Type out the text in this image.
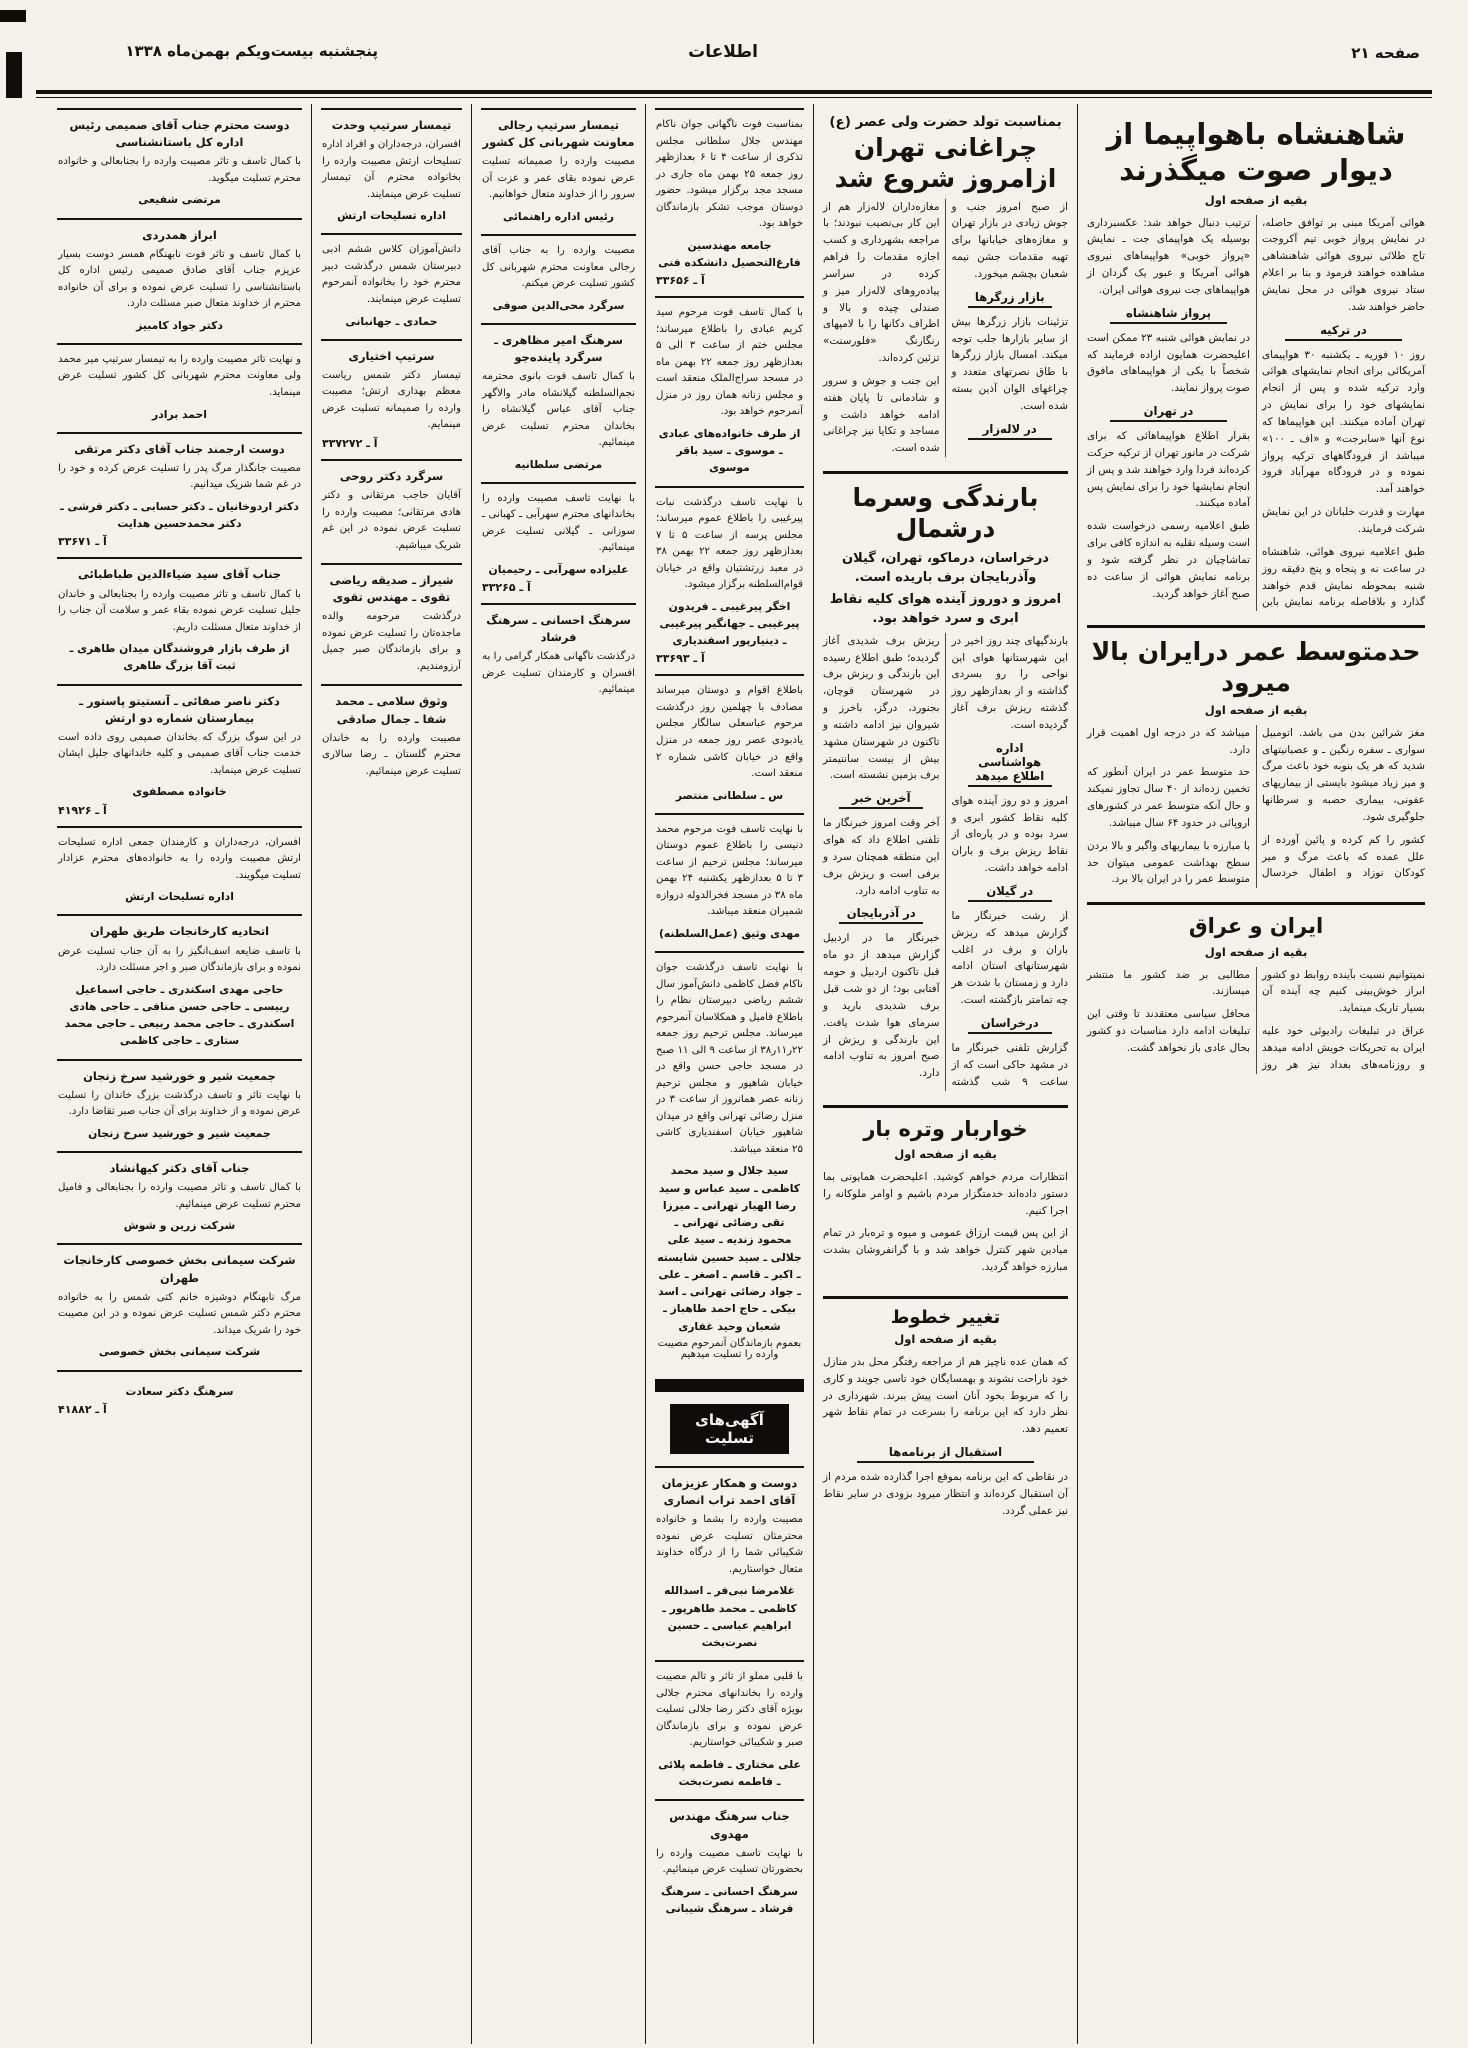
صفحه ۲۱
اطلاعات
پنجشنبه بیست‌ویکم بهمن‌ماه ۱۳۳۸
شاهنشاه باهواپیما از دیوار صوت میگذرند
بقیه از صفحه اول
هوائی آمریکا مبنی بر توافق حاصله، در نمایش پرواز خوبی تیم آکروجت تاج طلائی نیروی هوائی شاهنشاهی مشاهده خواهند فرمود و بنا بر اعلام ستاد نیروی هوائی در محل نمایش حاضر خواهند شد.
در ترکیه
روز ۱۰ فوریه ـ یکشنبه ۳۰ هواپیمای آمریکائی برای انجام نمایشهای هوائی وارد ترکیه شده و پس از انجام نمایشهای خود را برای نمایش در تهران آماده میکنند. این هواپیماها که نوع آنها «سابرجت» و «اف ـ ۱۰۰» میباشد از فرودگاههای ترکیه پرواز نموده و در فرودگاه مهرآباد فرود خواهند آمد.
مهارت و قدرت خلبانان در این نمایش شرکت فرمایند.
طبق اعلامیه نیروی هوائی، شاهنشاه در ساعت نه و پنجاه و پنج دقیقه روز شنبه بمحوطه نمایش قدم خواهند گذارد و بلافاصله برنامه نمایش باین ترتیب دنبال خواهد شد: عکسبرداری بوسیله یک هواپیمای جت ـ نمایش «پرواز خوبی» هواپیماهای نیروی هوائی آمریکا و عبور یک گردان از هواپیماهای جت نیروی هوائی ایران.
پرواز شاهنشاه
در نمایش هوائی شنبه ۲۳ ممکن است اعلیحضرت همایون اراده فرمایند که شخصاً با یکی از هواپیماهای مافوق صوت پرواز نمایند.
در تهران
بقرار اطلاع هواپیماهائی که برای شرکت در مانور تهران از ترکیه حرکت کرده‌اند فردا وارد خواهند شد و پس از انجام نمایشها خود را برای نمایش پس آماده میکنند.
طبق اعلامیه رسمی درخواست شده است وسیله نقلیه به اندازه کافی برای تماشاچیان در نظر گرفته شود و برنامه نمایش هوائی از ساعت ده صبح آغاز خواهد گردید.
حدمتوسط عمر درایران بالا میرود
بقیه از صفحه اول
مغز شرائین بدن می باشد. اتومبیل سواری ـ سفره رنگین ـ و عصبانیتهای شدید که هر یک بنوبه خود باعث مرگ و میر زیاد میشود بایستی از بیماریهای عفونی، بیماری حصبه و سرطانها جلوگیری شود.
کشور را کم کرده و پائین آورده از علل عمده که باعث مرگ و میر کودکان نوزاد و اطفال خردسال میباشد که در درجه اول اهمیت قرار دارد.
حد متوسط عمر در ایران آنطور که تخمین زده‌اند از ۴۰ سال تجاوز نمیکند و حال آنکه متوسط عمر در کشورهای اروپائی در حدود ۶۴ سال میباشد.
با مبارزه با بیماریهای واگیر و بالا بردن سطح بهداشت عمومی میتوان حد متوسط عمر را در ایران بالا برد.
ایران و عراق
بقیه از صفحه اول
نمیتوانیم نسبت بآینده روابط دو کشور ابراز خوش‌بینی کنیم چه آینده آن بسیار تاریک مینماید.
عراق در تبلیغات رادیوئی خود علیه ایران به تحریکات خویش ادامه میدهد و روزنامه‌های بغداد نیز هر روز مطالبی بر ضد کشور ما منتشر میسازند.
محافل سیاسی معتقدند تا وقتی این تبلیغات ادامه دارد مناسبات دو کشور بحال عادی باز نخواهد گشت.
بمناسبت تولد حضرت ولی عصر (ع)
چراغانی تهران ازامروز شروع شد
از صبح امروز جنب و جوش زیادی در بازار تهران و مغازه‌های خیابانها برای تهیه مقدمات جشن نیمه شعبان بچشم میخورد.
بازار زرگرها
تزئینات بازار زرگرها بیش از سایر بازارها جلب توجه میکند. امسال بازار زرگرها با طاق نصرتهای متعدد و چراغهای الوان آذین بسته شده است.
در لاله‌زار
مغازه‌داران لاله‌زار هم از این کار بی‌نصیب نبودند؛ با مراجعه بشهرداری و کسب اجازه مقدمات را فراهم کرده در سراسر پیاده‌روهای لاله‌زار میز و صندلی چیده و بالا و اطراف دکانها را با لامپهای رنگارنگ «فلورسنت» تزئین کرده‌اند.
این جنب و جوش و سرور و شادمانی تا پایان هفته ادامه خواهد داشت و مساجد و تکایا نیز چراغانی شده است.
بارندگی وسرما درشمال
درخراسان، درماکو، تهران، گیلان وآذربایجان برف باریده است.
امروز و دوروز آینده هوای کلیه نقاط ابری و سرد خواهد بود.
بارندگیهای چند روز اخیر در این شهرستانها هوای این نواحی را رو بسردی گذاشته و از بعدازظهر روز گذشته ریزش برف آغاز گردیده است.
اداره هواشناسی اطلاع میدهد
امروز و دو روز آینده هوای کلیه نقاط کشور ابری و سرد بوده و در پاره‌ای از نقاط ریزش برف و باران ادامه خواهد داشت.
در گیلان
از رشت خبرنگار ما گزارش میدهد که ریزش باران و برف در اغلب شهرستانهای استان ادامه دارد و زمستان با شدت هر چه تمامتر بازگشته است.
درخراسان
گزارش تلفنی خبرنگار ما در مشهد حاکی است که از ساعت ۹ شب گذشته ریزش برف شدیدی آغاز گردیده؛ طبق اطلاع رسیده این بارندگی و ریزش برف در شهرستان قوچان، بجنورد، درگز، باخرز و شیروان نیز ادامه داشته و تاکنون در شهرستان مشهد بیش از بیست سانتیمتر برف بزمین نشسته است.
آخرین خبر
آخر وقت امروز خبرنگار ما تلفنی اطلاع داد که هوای این منطقه همچنان سرد و برفی است و ریزش برف به تناوب ادامه دارد.
در آذربایجان
خبرنگار ما در اردبیل گزارش میدهد از دو ماه قبل تاکنون اردبیل و حومه آفتابی بود؛ از دو شب قبل برف شدیدی بارید و سرمای هوا شدت یافت. این بارندگی و ریزش از صبح امروز به تناوب ادامه دارد.
خواربار وتره بار
بقیه از صفحه اول
انتظارات مردم خواهم کوشید. اعلیحضرت همایونی بما دستور داده‌اند خدمتگزار مردم باشیم و اوامر ملوکانه را اجرا کنیم.
از این پس قیمت ارزاق عمومی و میوه و تره‌بار در تمام میادین شهر کنترل خواهد شد و با گرانفروشان بشدت مبارزه خواهد گردید.
تغییر خطوط
بقیه از صفحه اول
که همان عده ناچیز هم از مراجعه رفتگر محل بدر منازل خود ناراحت نشوند و بهمسایگان خود تاسی جویند و کاری را که مربوط بخود آنان است پیش ببرند. شهرداری در نظر دارد که این برنامه را بسرعت در تمام نقاط شهر تعمیم دهد.
استقبال از برنامه‌ها
در نقاطی که این برنامه بموقع اجرا گذارده شده مردم از آن استقبال کرده‌اند و انتظار میرود بزودی در سایر نقاط نیز عملی گردد.
بمناسبت فوت ناگهانی جوان ناکام مهندس جلال سلطانی مجلس تذکری از ساعت ۴ تا ۶ بعدازظهر روز جمعه ۲۵ بهمن ماه جاری در مسجد مجد برگزار میشود. حضور دوستان موجب تشکر بازماندگان خواهد بود.
جامعه مهندسین فارغ‌التحصیل دانشکده فنی
آ ـ ۳۳۶۵۶
با کمال تاسف فوت مرحوم سید کریم عبادی را باطلاع میرساند؛ مجلس ختم از ساعت ۳ الی ۵ بعدازظهر روز جمعه ۲۲ بهمن ماه در مسجد سراج‌الملک منعقد است و مجلس زنانه همان روز در منزل آنمرحوم خواهد بود.
از طرف خانواده‌های عبادی ـ موسوی ـ سید باقر موسوی
با نهایت تاسف درگذشت نبات پیرغیبی را باطلاع عموم میرساند؛ مجلس پرسه از ساعت ۵ تا ۷ بعدازظهر روز جمعه ۲۲ بهمن ۳۸ در معبد زرتشتیان واقع در خیابان قوام‌السلطنه برگزار میشود.
اخگر پیرغیبی ـ فریدون پیرغیبی ـ جهانگیر پیرغیبی ـ دینیارپور اسفندیاری
آ ـ ۳۳۶۹۳
باطلاع اقوام و دوستان میرساند مصادف با چهلمین روز درگذشت مرحوم عباسعلی سالگار مجلس یادبودی عصر روز جمعه در منزل واقع در خیابان کاشی شماره ۲ منعقد است.
س ـ سلطانی منتصر
با نهایت تاسف فوت مرحوم محمد دنیسی را باطلاع عموم دوستان میرساند؛ مجلس ترحیم از ساعت ۳ تا ۵ بعدازظهر یکشنبه ۲۴ بهمن ماه ۳۸ در مسجد فخرالدوله دروازه شمیران منعقد میباشد.
مهدی وثیق (عمل‌السلطنه)
با نهایت تاسف درگذشت جوان ناکام فضل کاظمی دانش‌آموز سال ششم ریاضی دبیرستان نظام را باطلاع فامیل و همکلاسان آنمرحوم میرساند. مجلس ترحیم روز جمعه ۲۲ر۱۱ر۳۸ از ساعت ۹ الی ۱۱ صبح در مسجد حاجی حسن واقع در خیابان شاهپور و مجلس ترحیم زنانه عصر همانروز از ساعت ۳ در منزل رضائی تهرانی واقع در میدان شاهپور خیابان اسفندیاری کاشی ۲۵ منعقد میباشد.
سید جلال و سید محمد کاظمی ـ سید عباس و سید رضا الهیار تهرانی ـ میرزا تقی رضائی تهرانی ـ محمود زندیه ـ سید علی جلالی ـ سید حسین شایسته ـ اکبر ـ قاسم ـ اصغر ـ علی ـ جواد رضائی تهرانی ـ اسد بیکی ـ حاج احمد طاهباز ـ شعبان وحید غفاری
بعموم بازماندگان آنمرحوم مصیبت وارده را تسلیت میدهیم
آگهی‌های تسلیت
دوست و همکار عزیزمان آقای احمد تراب انصاری
مصیبت وارده را بشما و خانواده محترمتان تسلیت عرض نموده شکیبائی شما را از درگاه خداوند متعال خواستاریم.
غلامرضا نبی‌فر ـ اسدالله کاظمی ـ محمد طاهرپور ـ ابراهیم عباسی ـ حسین نصرت‌بخت
با قلبی مملو از تاثر و تالم مصیبت وارده را بخاندانهای محترم جلالی بویژه آقای دکتر رضا جلالی تسلیت عرض نموده و برای بازماندگان صبر و شکیبائی خواستاریم.
علی مختاری ـ فاطمه پلائی ـ فاطمه نصرت‌بخت
جناب سرهنگ مهندس مهدوی
با نهایت تاسف مصیبت وارده را بحضورتان تسلیت عرض مینمائیم.
سرهنگ احسانی ـ سرهنگ فرشاد ـ سرهنگ شیبانی
تیمسار سرتیپ رجالی معاونت شهربانی کل کشور
مصیبت وارده را صمیمانه تسلیت عرض نموده بقای عمر و عزت آن سرور را از خداوند متعال خواهانیم.
رئیس اداره راهنمائی
مصیبت وارده را به جناب آقای رجالی معاونت محترم شهربانی کل کشور تسلیت عرض میکنم.
سرگرد محی‌الدین صوفی
سرهنگ امیر مظاهری ـ سرگرد پاینده‌جو
با کمال تاسف فوت بانوی محترمه نجم‌السلطنه گیلانشاه مادر والاگهر جناب آقای عباس گیلانشاه را بخاندان محترم تسلیت عرض مینمائیم.
مرتضی سلطانیه
با نهایت تاسف مصیبت وارده را بخاندانهای محترم سهرآبی ـ کهبانی ـ سوزانی ـ گیلانی تسلیت عرض مینمائیم.
علیزاده سهرآبی ـ رحیمیان
آ ـ ۳۳۲۶۵
سرهنگ احسانی ـ سرهنگ فرشاد
درگذشت ناگهانی همکار گرامی را به افسران و کارمندان تسلیت عرض مینمائیم.
تیمسار سرتیپ وحدت
افسران، درجه‌داران و افراد اداره تسلیحات ارتش مصیبت وارده را بخانواده محترم آن تیمسار تسلیت عرض مینمایند.
اداره تسلیحات ارتش
دانش‌آموزان کلاس ششم ادبی دبیرستان شمس درگذشت دبیر محترم خود را بخانواده آنمرحوم تسلیت عرض مینمایند.
حمادی ـ جهانبانی
سرتیپ اختیاری
تیمسار دکتر شمس ریاست معظم بهداری ارتش؛ مصیبت وارده را صمیمانه تسلیت عرض مینمایم.
آ ـ ۳۳۷۲۷۲
سرگرد دکتر روحی
آقایان حاجب مرتقانی و دکتر هادی مرتقانی؛ مصیبت وارده را تسلیت عرض نموده در این غم شریک میباشیم.
شیراز ـ صدیقه ریاضی تقوی ـ مهندس تقوی
درگذشت مرحومه والده ماجده‌تان را تسلیت عرض نموده و برای بازماندگان صبر جمیل آرزومندیم.
وثوق سلامی ـ محمد شفا ـ جمال صادقی
مصیبت وارده را به خاندان محترم گلستان ـ رضا سالاری تسلیت عرض مینمائیم.
دوست محترم جناب آقای صمیمی رئیس اداره کل باستانشناسی
با کمال تاسف و تاثر مصیبت وارده را بجنابعالی و خانواده محترم تسلیت میگوید.
مرتضی شفیعی
ابراز همدردی
با کمال تاسف و تاثر فوت نابهنگام همسر دوست بسیار عزیزم جناب آقای صادق صمیمی رئیس اداره کل باستانشناسی را تسلیت عرض نموده و برای آن خانواده محترم از خداوند متعال صبر مسئلت دارد.
دکتر جواد کامبیز
و نهایت تاثر مصیبت وارده را به تیمسار سرتیپ میر محمد ولی معاونت محترم شهربانی کل کشور تسلیت عرض مینماید.
احمد برادر
دوست ارجمند جناب آقای دکتر مرتقی
مصیبت جانگذار مرگ پدر را تسلیت عرض کرده و خود را در غم شما شریک میدانیم.
دکتر اردوخانیان ـ دکتر حسابی ـ دکتر فرشی ـ دکتر محمدحسین هدایت
آ ـ ۳۳۶۷۱
جناب آقای سید ضیاءالدین طباطبائی
با کمال تاسف و تاثر مصیبت وارده را بجنابعالی و خاندان جلیل تسلیت عرض نموده بقاء عمر و سلامت آن جناب را از خداوند متعال مسئلت داریم.
از طرف بازار فروشندگان میدان طاهری ـ ثبت آقا بزرگ طاهری
دکتر ناصر صفائی ـ آنستیتو پاستور ـ بیمارستان شماره دو ارتش
در این سوگ بزرگ که بخاندان صمیمی روی داده است خدمت جناب آقای صمیمی و کلیه خاندانهای جلیل ایشان تسلیت عرض مینماید.
خانواده مصطفوی
آ ـ ۴۱۹۲۶
افسران، درجه‌داران و کارمندان جمعی اداره تسلیحات ارتش مصیبت وارده را به خانواده‌های محترم عزادار تسلیت میگویند.
اداره تسلیحات ارتش
اتحادیه کارخانجات طریق طهران
با تاسف ضایعه اسف‌انگیز را به آن جناب تسلیت عرض نموده و برای بازماندگان صبر و اجر مسئلت دارد.
حاجی مهدی اسکندری ـ حاجی اسماعیل رییسی ـ حاجی حسن منافی ـ حاجی هادی اسکندری ـ حاجی محمد ربیعی ـ حاجی محمد ستاری ـ حاجی کاظمی
جمعیت شیر و خورشید سرخ زنجان
با نهایت تاثر و تاسف درگذشت بزرگ خاندان را تسلیت عرض نموده و از خداوند برای آن جناب صبر تقاضا دارد.
جمعیت شیر و خورشید سرخ زنجان
جناب آقای دکتر کیهانشاد
با کمال تاسف و تاثر مصیبت وارده را بجنابعالی و فامیل محترم تسلیت عرض مینمائیم.
شرکت زرین و شوش
شرکت سیمانی بخش خصوصی کارخانجات طهران
مرگ نابهنگام دوشیزه خانم کتی شمس را به خانواده محترم دکتر شمس تسلیت عرض نموده و در این مصیبت خود را شریک میداند.
شرکت سیمانی بخش خصوصی
سرهنگ دکتر سعادت
آ ـ ۴۱۸۸۲
